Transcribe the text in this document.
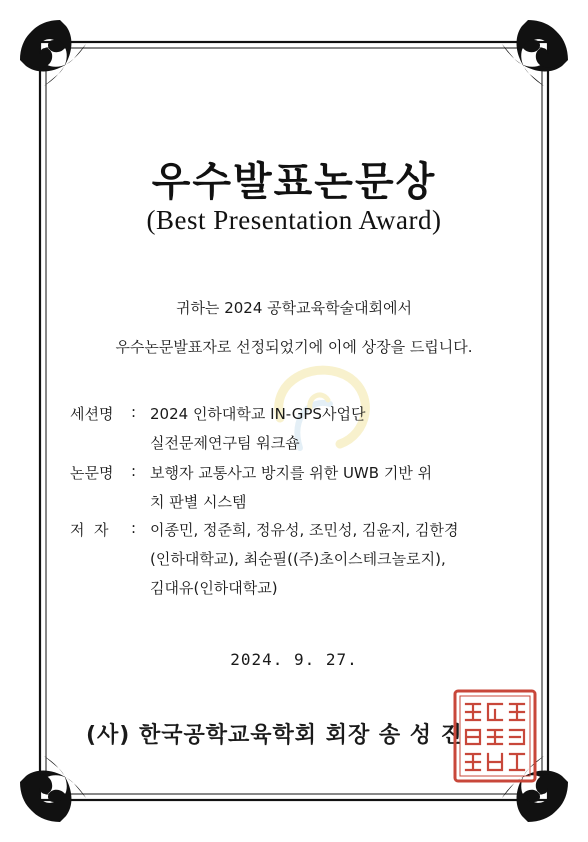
우수발표논문상
(Best Presentation Award)
귀하는 2024 공학교육학술대회에서
우수논문발표자로 선정되었기에 이에 상장을 드립니다.
세션명 : 2024 인하대학교 IN-GPS사업단
실전문제연구팀 워크숍
논문명 : 보행자 교통사고 방지를 위한 UWB 기반 위
치 판별 시스템
저  자 : 이종민, 정준희, 정유성, 조민성, 김윤지, 김한경
(인하대학교), 최순필((주)초이스테크놀로지),
김대유(인하대학교)
2024. 9. 27.
(사) 한국공학교육학회 회장 송 성 진
